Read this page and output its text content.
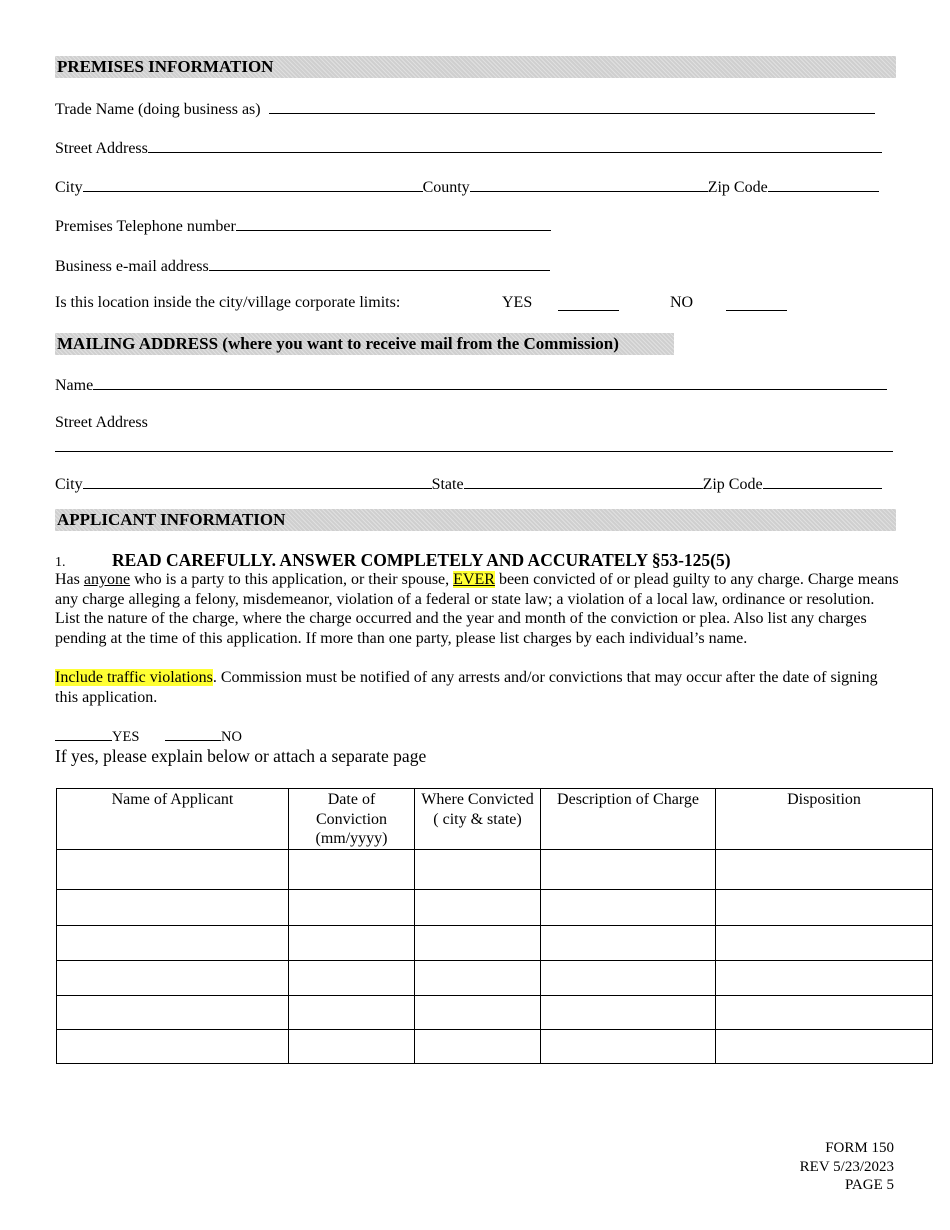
PREMISES INFORMATION
Trade Name (doing business as)
Street Address
City	County	Zip Code
Premises Telephone number
Business e-mail address
Is this location inside the city/village corporate limits:	YES	NO
MAILING ADDRESS (where you want to receive mail from the Commission)
Name
Street Address
City	State	Zip Code
APPLICANT INFORMATION
1.	READ CAREFULLY. ANSWER COMPLETELY AND ACCURATELY §53-125(5)
Has anyone who is a party to this application, or their spouse, EVER been convicted of or plead guilty to any charge. Charge means any charge alleging a felony, misdemeanor, violation of a federal or state law; a violation of a local law, ordinance or resolution. List the nature of the charge, where the charge occurred and the year and month of the conviction or plea. Also list any charges pending at the time of this application. If more than one party, please list charges by each individual’s name.
Include traffic violations. Commission must be notified of any arrests and/or convictions that may occur after the date of signing this application.
YES	NO
If yes, please explain below or attach a separate page
Name of Applicant	Date of Conviction (mm/yyyy)	Where Convicted ( city & state)	Description of Charge	Disposition

FORM 150
REV 5/23/2023
PAGE 5
